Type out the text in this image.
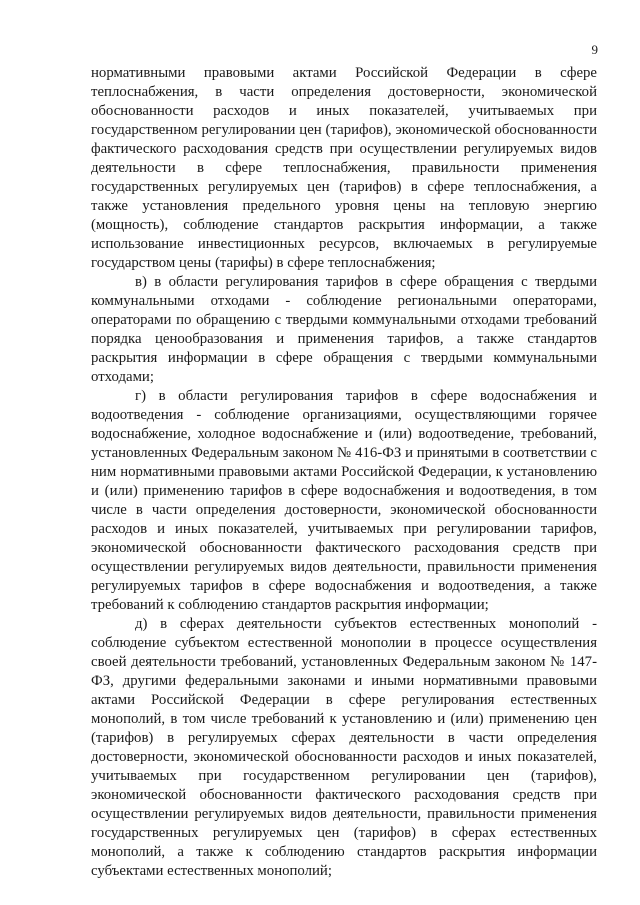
9

нормативными правовыми актами Российской Федерации в сфере теплоснабжения, в части определения достоверности, экономической обоснованности расходов и иных показателей, учитываемых при государственном регулировании цен (тарифов), экономической обоснованности фактического расходования средств при осуществлении регулируемых видов деятельности в сфере теплоснабжения, правильности применения государственных регулируемых цен (тарифов) в сфере теплоснабжения, а также установления предельного уровня цены на тепловую энергию (мощность), соблюдение стандартов раскрытия информации, а также использование инвестиционных ресурсов, включаемых в регулируемые государством цены (тарифы) в сфере теплоснабжения;

в) в области регулирования тарифов в сфере обращения с твердыми коммунальными отходами - соблюдение региональными операторами, операторами по обращению с твердыми коммунальными отходами требований порядка ценообразования и применения тарифов, а также стандартов раскрытия информации в сфере обращения с твердыми коммунальными отходами;

г) в области регулирования тарифов в сфере водоснабжения и водоотведения - соблюдение организациями, осуществляющими горячее водоснабжение, холодное водоснабжение и (или) водоотведение, требований, установленных Федеральным законом № 416-ФЗ и принятыми в соответствии с ним нормативными правовыми актами Российской Федерации, к установлению и (или) применению тарифов в сфере водоснабжения и водоотведения, в том числе в части определения достоверности, экономической обоснованности расходов и иных показателей, учитываемых при регулировании тарифов, экономической обоснованности фактического расходования средств при осуществлении регулируемых видов деятельности, правильности применения регулируемых тарифов в сфере водоснабжения и водоотведения, а также требований к соблюдению стандартов раскрытия информации;

д) в сферах деятельности субъектов естественных монополий - соблюдение субъектом естественной монополии в процессе осуществления своей деятельности требований, установленных Федеральным законом № 147-ФЗ, другими федеральными законами и иными нормативными правовыми актами Российской Федерации в сфере регулирования естественных монополий, в том числе требований к установлению и (или) применению цен (тарифов) в регулируемых сферах деятельности в части определения достоверности, экономической обоснованности расходов и иных показателей, учитываемых при государственном регулировании цен (тарифов), экономической обоснованности фактического расходования средств при осуществлении регулируемых видов деятельности, правильности применения государственных регулируемых цен (тарифов) в сферах естественных монополий, а также к соблюдению стандартов раскрытия информации субъектами естественных монополий;
